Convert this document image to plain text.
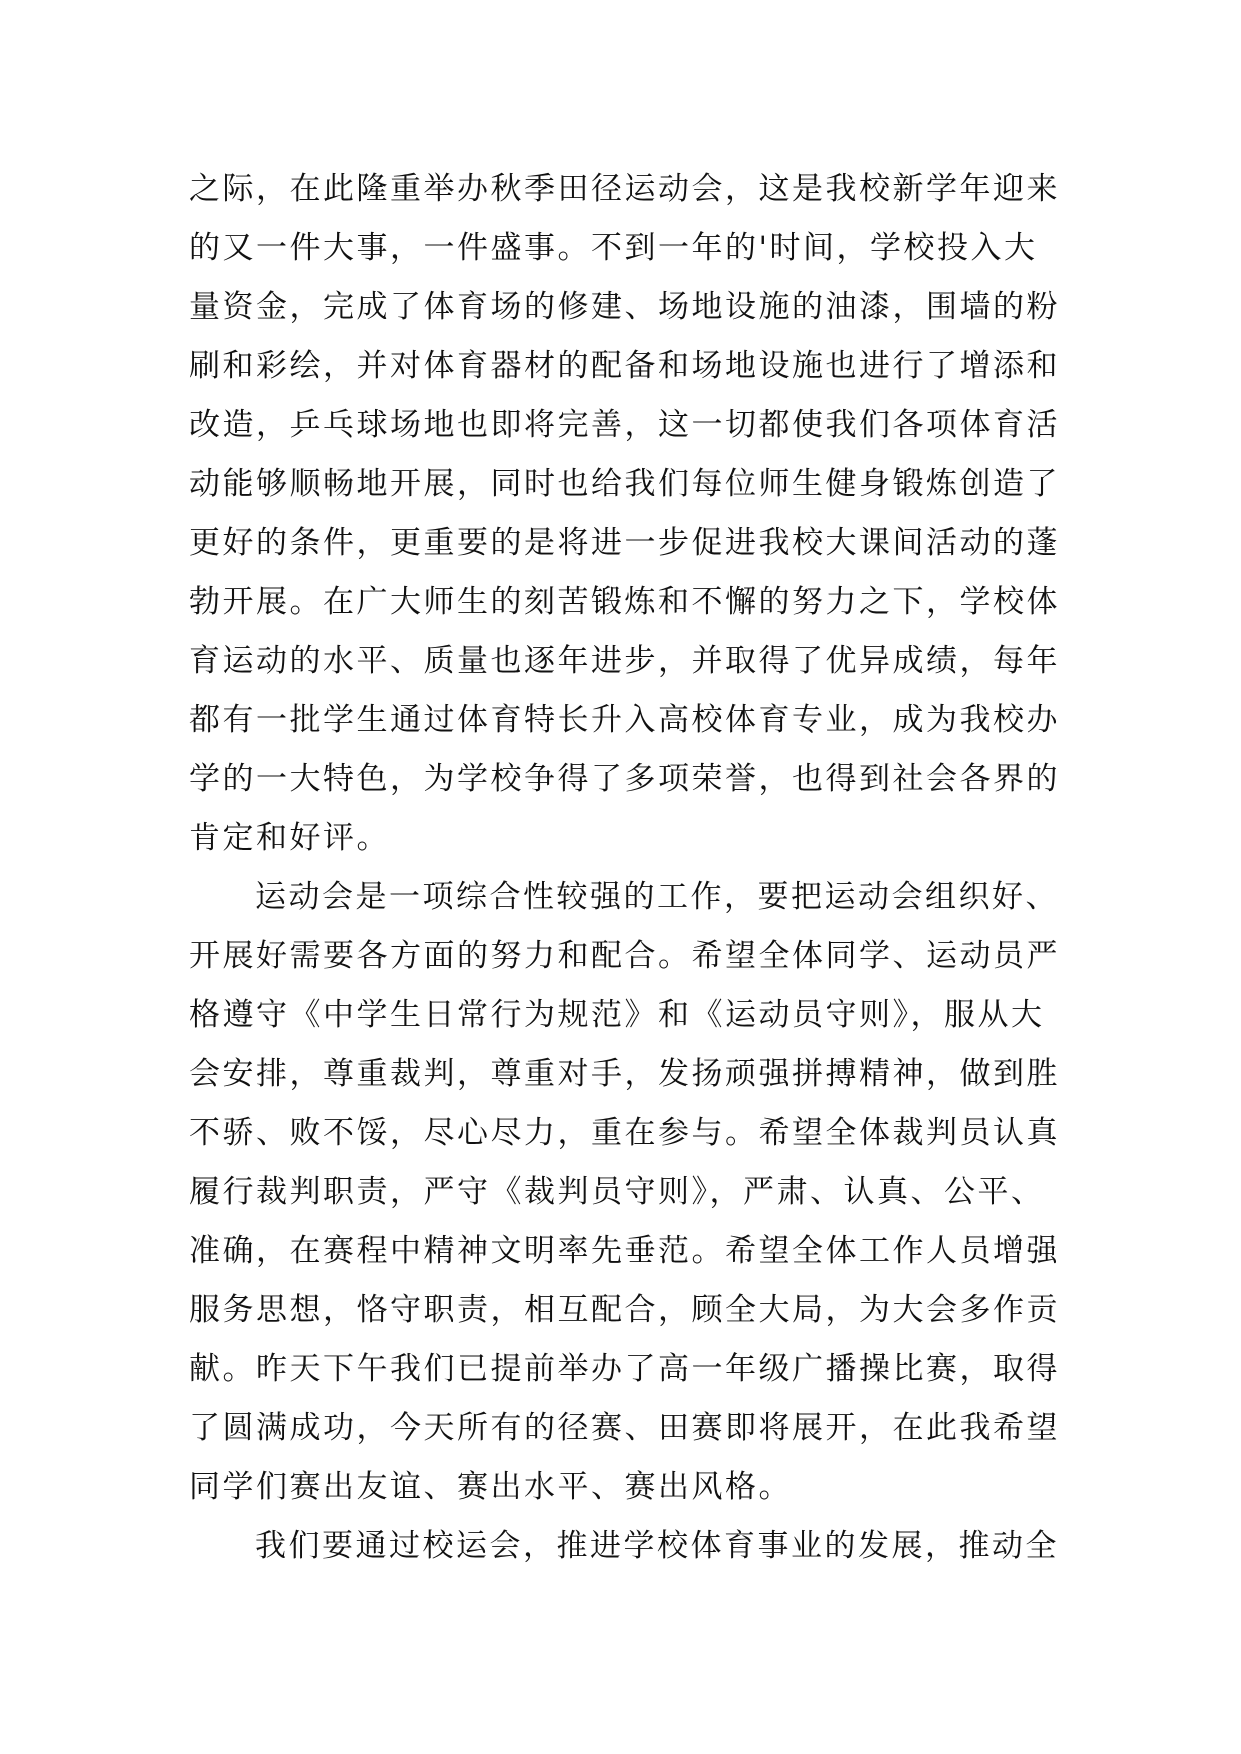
之际，在此隆重举办秋季田径运动会，这是我校新学年迎来
的又一件大事，一件盛事。不到一年的'时间，学校投入大
量资金，完成了体育场的修建、场地设施的油漆，围墙的粉
刷和彩绘，并对体育器材的配备和场地设施也进行了增添和
改造，乒乓球场地也即将完善，这一切都使我们各项体育活
动能够顺畅地开展，同时也给我们每位师生健身锻炼创造了
更好的条件，更重要的是将进一步促进我校大课间活动的蓬
勃开展。在广大师生的刻苦锻炼和不懈的努力之下，学校体
育运动的水平、质量也逐年进步，并取得了优异成绩，每年
都有一批学生通过体育特长升入高校体育专业，成为我校办
学的一大特色，为学校争得了多项荣誉，也得到社会各界的
肯定和好评。
运动会是一项综合性较强的工作，要把运动会组织好、
开展好需要各方面的努力和配合。希望全体同学、运动员严
格遵守《中学生日常行为规范》和《运动员守则》，服从大
会安排，尊重裁判，尊重对手，发扬顽强拼搏精神，做到胜
不骄、败不馁，尽心尽力，重在参与。希望全体裁判员认真
履行裁判职责，严守《裁判员守则》，严肃、认真、公平、
准确，在赛程中精神文明率先垂范。希望全体工作人员增强
服务思想，恪守职责，相互配合，顾全大局，为大会多作贡
献。昨天下午我们已提前举办了高一年级广播操比赛，取得
了圆满成功，今天所有的径赛、田赛即将展开，在此我希望
同学们赛出友谊、赛出水平、赛出风格。
我们要通过校运会，推进学校体育事业的发展，推动全
